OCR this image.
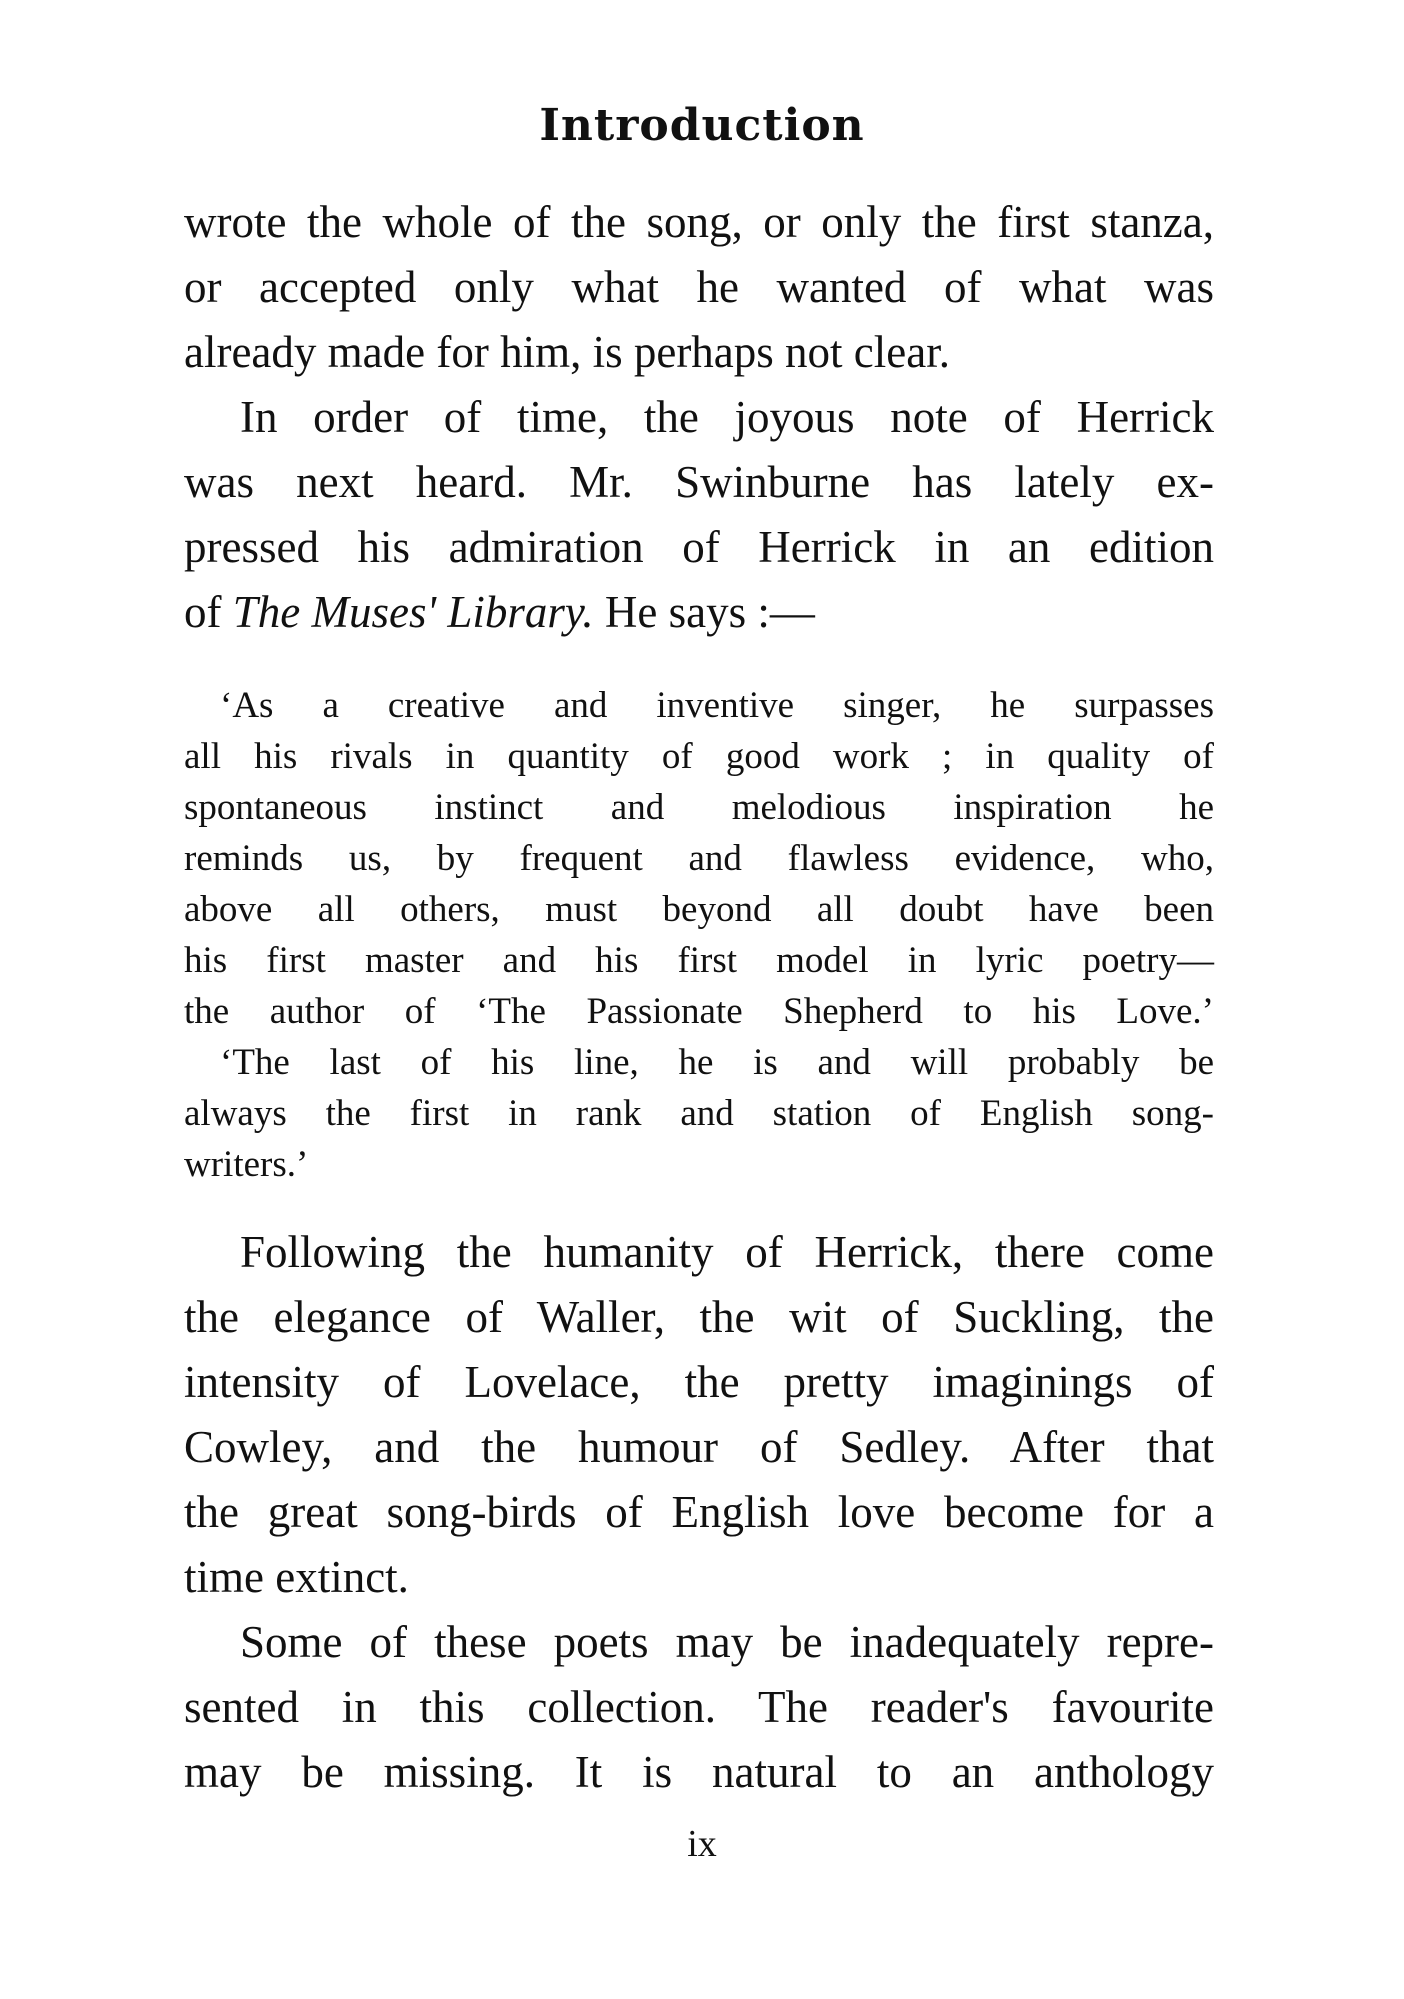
Introduction
wrote the whole of the song, or only the first stanza,
or accepted only what he wanted of what was
already made for him, is perhaps not clear.
In order of time, the joyous note of Herrick
was next heard. Mr. Swinburne has lately ex-
pressed his admiration of Herrick in an edition
of The Muses' Library. He says :—
‘As a creative and inventive singer, he surpasses
all his rivals in quantity of good work ; in quality of
spontaneous instinct and melodious inspiration he
reminds us, by frequent and flawless evidence, who,
above all others, must beyond all doubt have been
his first master and his first model in lyric poetry—
the author of ‘The Passionate Shepherd to his Love.’
‘The last of his line, he is and will probably be
always the first in rank and station of English song-
writers.’
Following the humanity of Herrick, there come
the elegance of Waller, the wit of Suckling, the
intensity of Lovelace, the pretty imaginings of
Cowley, and the humour of Sedley. After that
the great song-birds of English love become for a
time extinct.
Some of these poets may be inadequately repre-
sented in this collection. The reader's favourite
may be missing. It is natural to an anthology
ix
